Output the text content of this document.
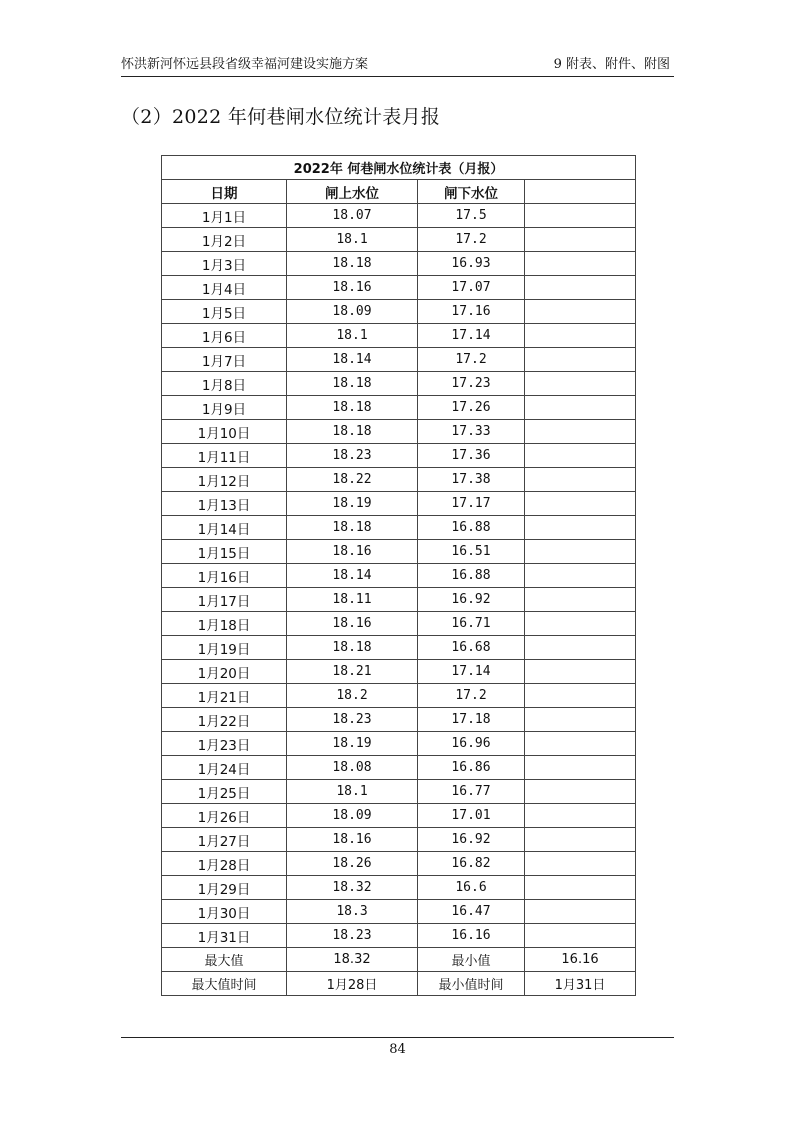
怀洪新河怀远县段省级幸福河建设实施方案	9 附表、附件、附图
（2）2022 年何巷闸水位统计表月报
2022年 何巷闸水位统计表（月报）			
日期	闸上水位	闸下水位	
1月1日	18.07	17.5	
1月2日	18.1	17.2	
1月3日	18.18	16.93	
1月4日	18.16	17.07	
1月5日	18.09	17.16	
1月6日	18.1	17.14	
1月7日	18.14	17.2	
1月8日	18.18	17.23	
1月9日	18.18	17.26	
1月10日	18.18	17.33	
1月11日	18.23	17.36	
1月12日	18.22	17.38	
1月13日	18.19	17.17	
1月14日	18.18	16.88	
1月15日	18.16	16.51	
1月16日	18.14	16.88	
1月17日	18.11	16.92	
1月18日	18.16	16.71	
1月19日	18.18	16.68	
1月20日	18.21	17.14	
1月21日	18.2	17.2	
1月22日	18.23	17.18	
1月23日	18.19	16.96	
1月24日	18.08	16.86	
1月25日	18.1	16.77	
1月26日	18.09	17.01	
1月27日	18.16	16.92	
1月28日	18.26	16.82	
1月29日	18.32	16.6	
1月30日	18.3	16.47	
1月31日	18.23	16.16	
最大值	18.32	最小值	16.16
最大值时间	1月28日	最小值时间	1月31日
84
